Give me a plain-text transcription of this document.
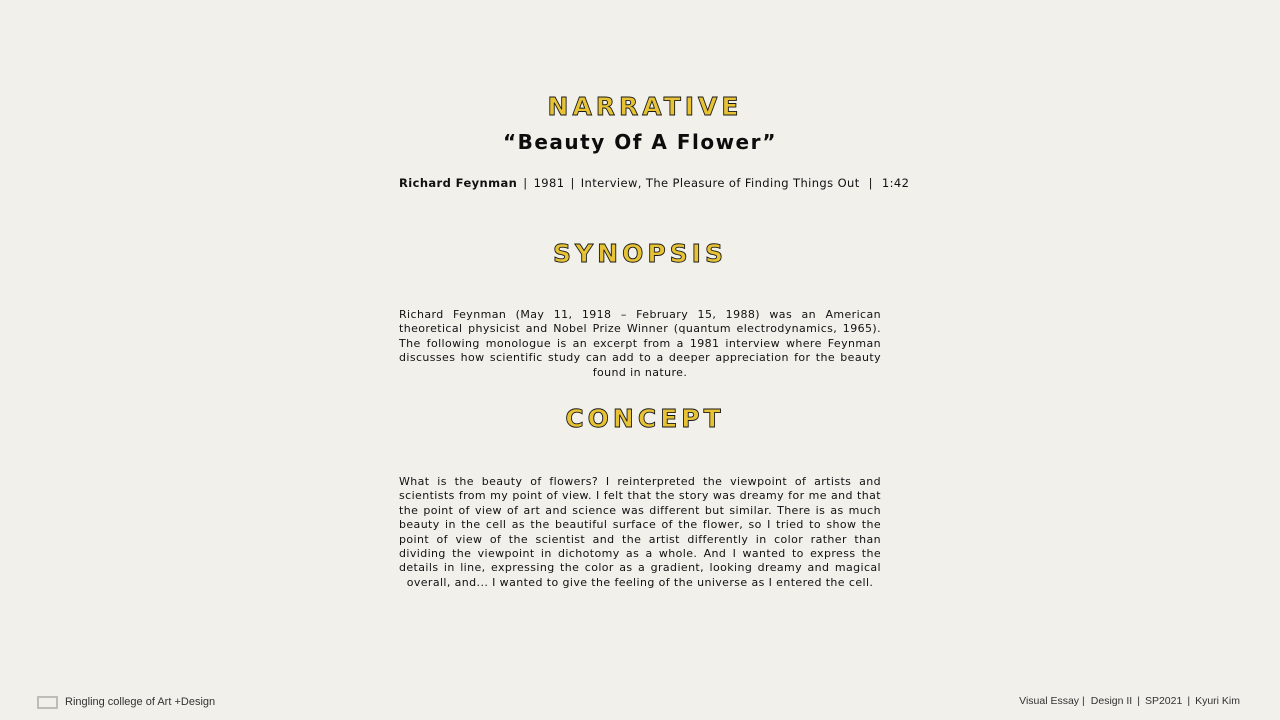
NARRATIVE
“Beauty Of A Flower”
Richard Feynman | 1981 | Interview, The Pleasure of Finding Things Out | 1:42
SYNOPSIS

Richard Feynman (May 11, 1918 – February 15, 1988) was an American theoretical physicist and Nobel Prize Winner (quantum electrodynamics, 1965). The following monologue is an excerpt from a 1981 interview where Feynman discusses how scientific study can add to a deeper appreciation for the beauty found in nature.

CONCEPT

What is the beauty of flowers? I reinterpreted the viewpoint of artists and scientists from my point of view. I felt that the story was dreamy for me and that the point of view of art and science was different but similar. There is as much beauty in the cell as the beautiful surface of the flower, so I tried to show the point of view of the scientist and the artist differently in color rather than dividing the viewpoint in dichotomy as a whole. And I wanted to express the details in line, expressing the color as a gradient, looking dreamy and magical overall, and... I wanted to give the feeling of the universe as I entered the cell.

Ringling college of Art +Design	Visual Essay | Design II | SP2021 | Kyuri Kim
